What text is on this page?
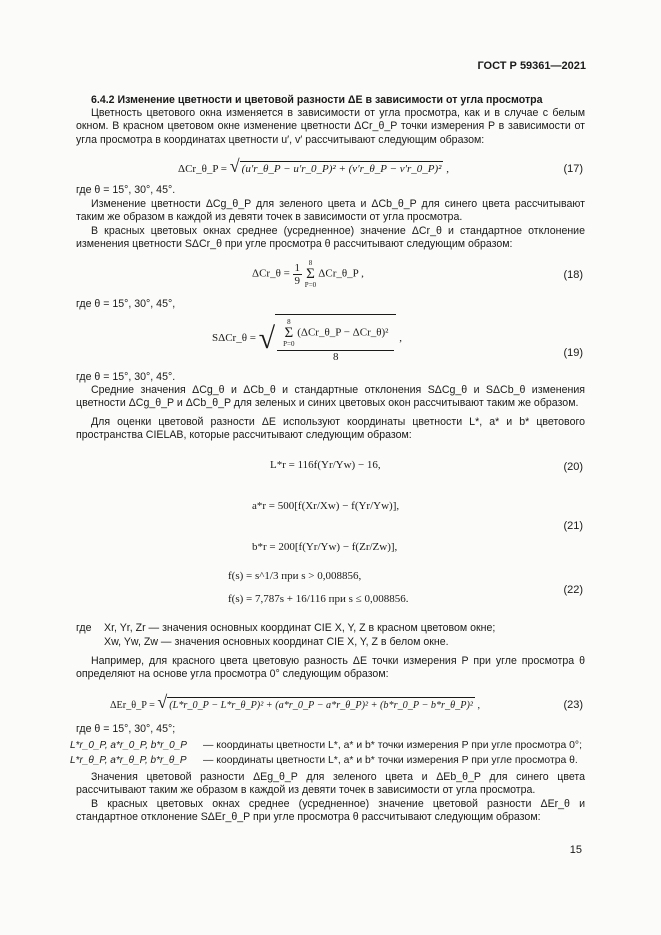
ГОСТ Р 59361—2021

6.4.2 Изменение цветности и цветовой разности ΔE в зависимости от угла просмотра

Цветность цветового окна изменяется в зависимости от угла просмотра, как и в случае с белым окном. В красном цветовом окне изменение цветности ΔCr_θ_P точки измерения P в зависимости от угла просмотра в координатах цветности u′, v′ рассчитывают следующим образом:

ΔCr_θ_P = √ (u′r_θ_P − u′r_0_P)² + (v′r_θ_P − v′r_0_P)² ,	(17)

где θ = 15°, 30°, 45°.

Изменение цветности ΔCg_θ_P для зеленого цвета и ΔCb_θ_P для синего цвета рассчитывают таким же образом в каждой из девяти точек в зависимости от угла просмотра.

В красных цветовых окнах среднее (усредненное) значение ΔCr_θ и стандартное отклонение изменения цветности SΔCr_θ при угле просмотра θ рассчитывают следующим образом:

ΔCr_θ = $\frac{1}{9}$
8
Σ
P=0
ΔCr_θ_P ,	(18)

где θ = 15°, 30°, 45°,

SΔCr_θ = √ 8
Σ
P=0
(ΔCr_θ_P − ΔCr_θ)²
8 ,
(19)

где θ = 15°, 30°, 45°.

Средние значения ΔCg_θ и ΔCb_θ и стандартные отклонения SΔCg_θ и SΔCb_θ изменения цветности ΔCg_θ_P и ΔCb_θ_P для зеленых и синих цветовых окон рассчитывают таким же образом.

Для оценки цветовой разности ΔE используют координаты цветности L*, a* и b* цветового пространства CIELAB, которые рассчитывают следующим образом:

L*r = 116f(Yr/Yw) − 16,	(20)
a*r = 500[f(Xr/Xw) − f(Yr/Yw)],
b*r = 200[f(Yr/Yw) − f(Zr/Zw)],
(21)
f(s) = s^1/3 при s > 0,008856,
f(s) = 7,787s + 16/116 при s ≤ 0,008856.
(22)
где Xr, Yr, Zr — значения основных координат CIE X, Y, Z в красном цветовом окне;
Xw, Yw, Zw — значения основных координат CIE X, Y, Z в белом окне.

Например, для красного цвета цветовую разность ΔE точки измерения P при угле просмотра θ определяют на основе угла просмотра 0° следующим образом:

ΔEr_θ_P = √ (L*r_0_P − L*r_θ_P)² + (a*r_0_P − a*r_θ_P)² + (b*r_0_P − b*r_θ_P)² ,	(23)

где θ = 15°, 30°, 45°;

L*r_0_P, a*r_0_P, b*r_0_P	— координаты цветности L*, a* и b* точки измерения P при угле просмотра 0°;
L*r_θ_P, a*r_θ_P, b*r_θ_P	— координаты цветности L*, a* и b* точки измерения P при угле просмотра θ.

Значения цветовой разности ΔEg_θ_P для зеленого цвета и ΔEb_θ_P для синего цвета рассчитывают таким же образом в каждой из девяти точек в зависимости от угла просмотра.

В красных цветовых окнах среднее (усредненное) значение цветовой разности ΔEr_θ и стандартное отклонение SΔEr_θ_P при угле просмотра θ рассчитывают следующим образом:

15
